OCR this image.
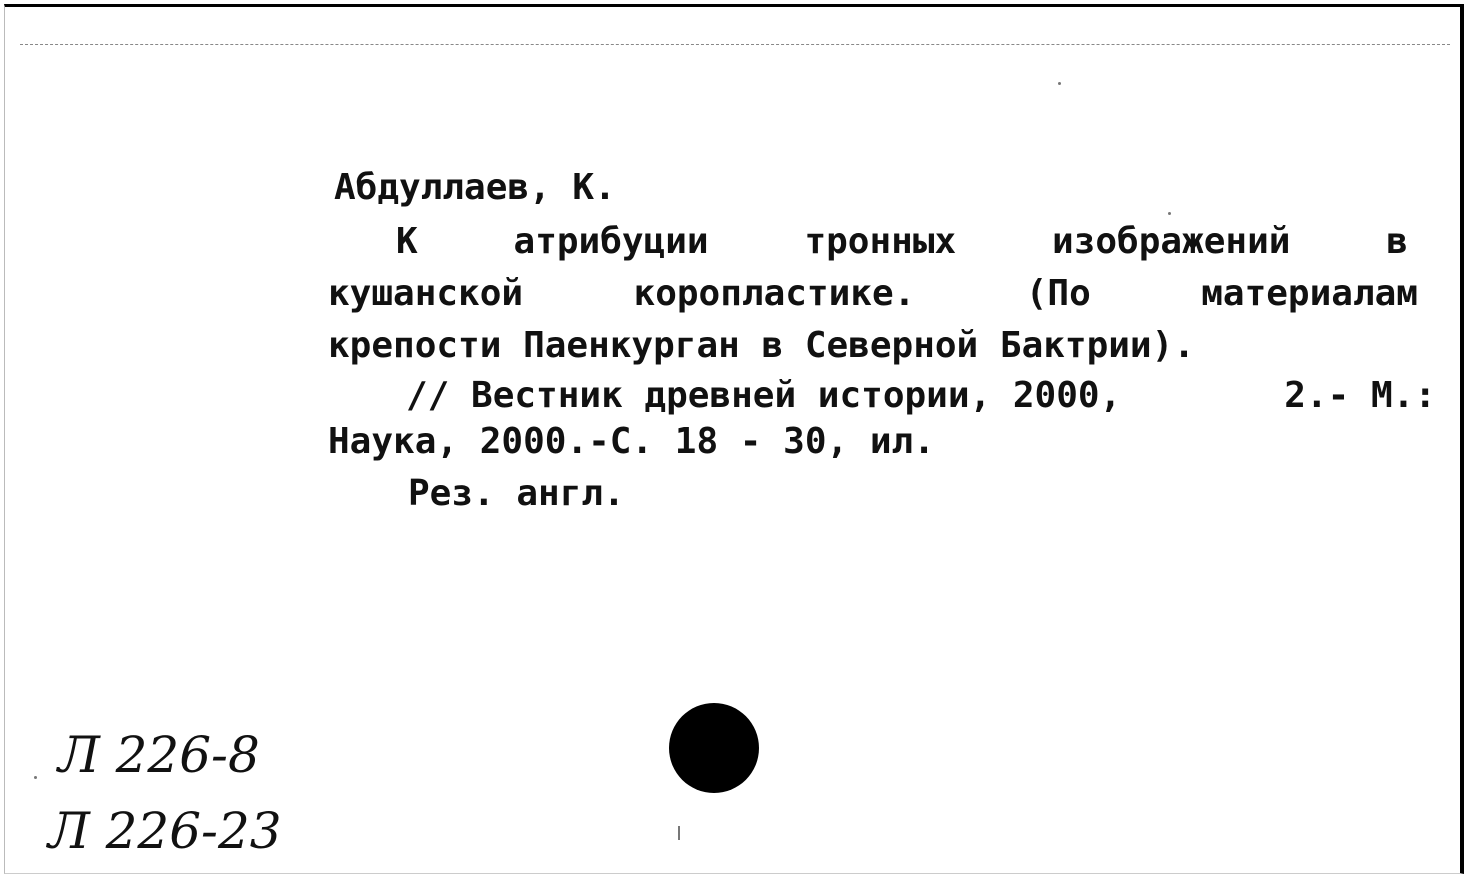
Абдуллаев, К.
К	атрибуции	тронных	изображений	в
кушанской	коропластике.	(По	материалам
крепости Паенкурган в Северной Бактрии).
// Вестник древней истории, 2000,	2.- М.:
Наука, 2000.-С. 18 - 30, ил.
Рез. англ.
Л 226-8
Л 226-23
